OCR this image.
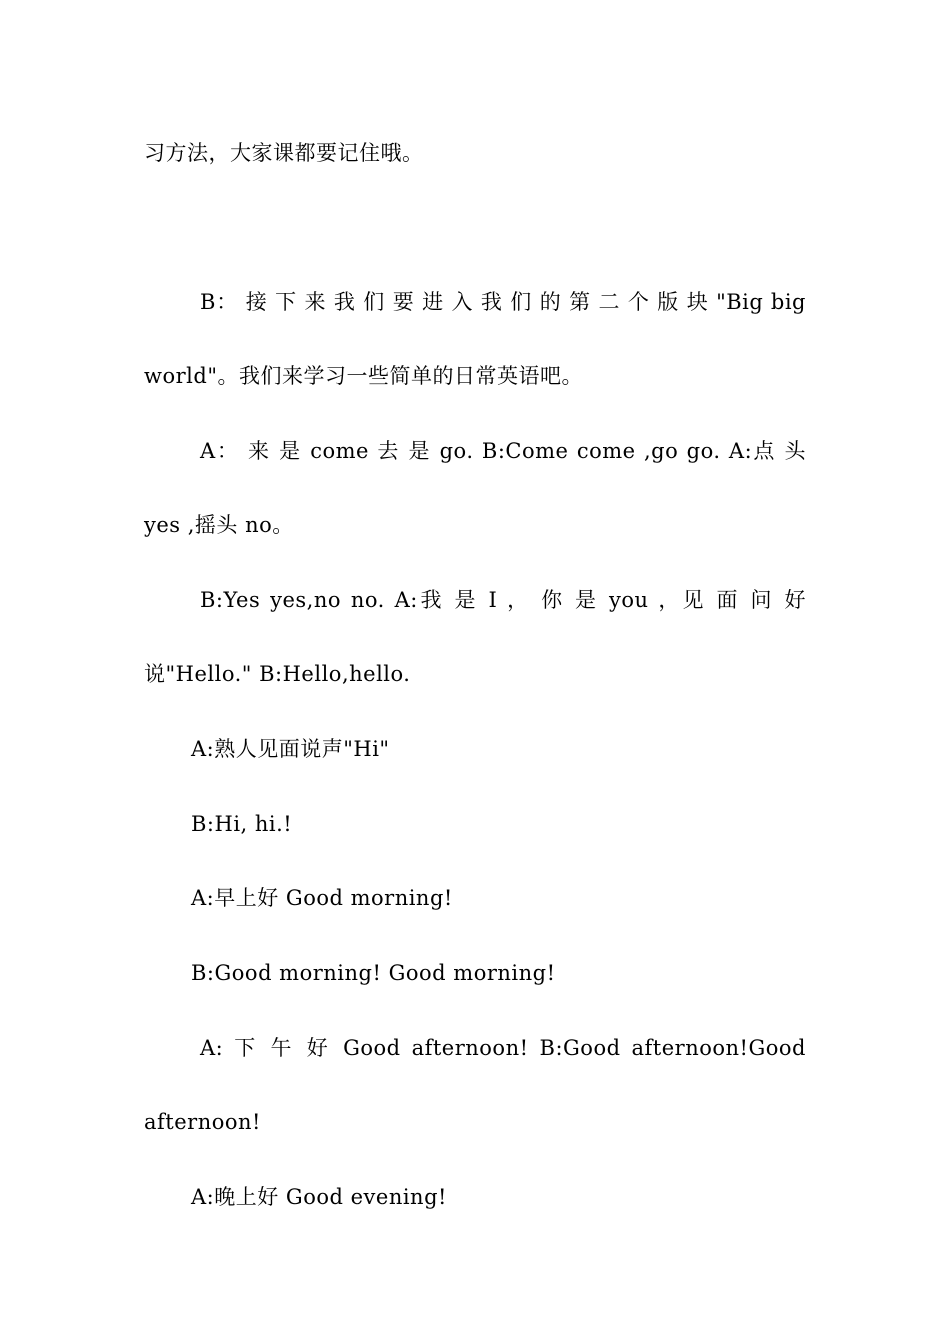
习方法，大家课都要记住哦。
B： 接 下 来 我 们 要 进 入 我 们 的 第 二 个 版 块 "Big big
world"。我们来学习一些简单的日常英语吧。
A： 来 是 come 去 是 go. B:Come come ,go go. A:点 头
yes ,摇头 no。
B:Yes yes,no no. A:我 是 I ， 你 是 you ，见 面 问 好
说"Hello." B:Hello,hello.
A:熟人见面说声"Hi"
B:Hi, hi.!
A:早上好 Good morning!
B:Good morning! Good morning!
A: 下 午 好 Good afternoon! B:Good afternoon!Good
afternoon!
A:晚上好 Good evening!
